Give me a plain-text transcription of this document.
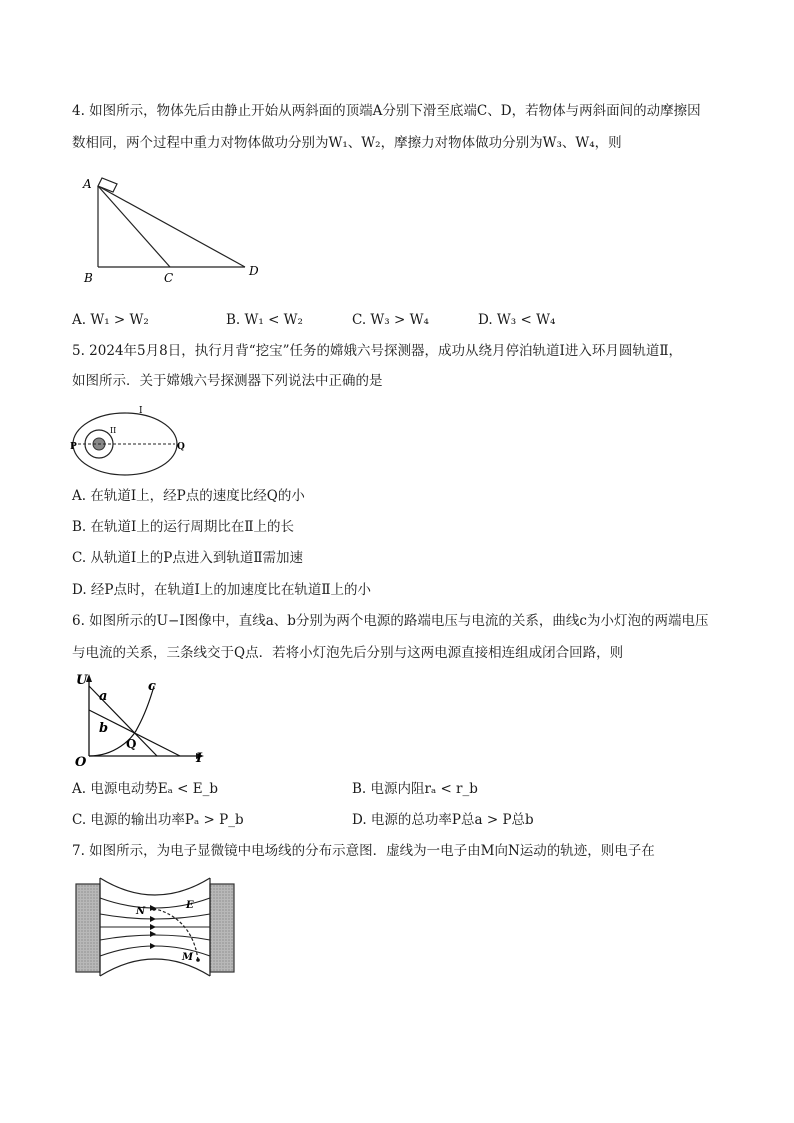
4. 如图所示，物体先后由静止开始从两斜面的顶端A分别下滑至底端C、D，若物体与两斜面间的动摩擦因
数相同，两个过程中重力对物体做功分别为W₁、W₂，摩擦力对物体做功分别为W₃、W₄，则
A
B	C	D
A. W₁ > W₂	B. W₁ < W₂	C. W₃ > W₄	D. W₃ < W₄
5. 2024年5月8日，执行月背“挖宝”任务的嫦娥六号探测器，成功从绕月停泊轨道Ⅰ进入环月圆轨道Ⅱ，
如图所示．关于嫦娥六号探测器下列说法中正确的是
I
II
P	Q
A. 在轨道Ⅰ上，经P点的速度比经Q的小
B. 在轨道Ⅰ上的运行周期比在Ⅱ上的长
C. 从轨道Ⅰ上的P点进入到轨道Ⅱ需加速
D. 经P点时，在轨道Ⅰ上的加速度比在轨道Ⅱ上的小
6. 如图所示的U−I图像中，直线a、b分别为两个电源的路端电压与电流的关系，曲线c为小灯泡的两端电压
与电流的关系，三条线交于Q点．若将小灯泡先后分别与这两电源直接相连组成闭合回路，则
U
I
O
a
b
c
Q
A. 电源电动势Eₐ < E_b	B. 电源内阻rₐ < r_b
C. 电源的输出功率Pₐ > P_b	D. 电源的总功率P总a > P总b
7. 如图所示，为电子显微镜中电场线的分布示意图．虚线为一电子由M向N运动的轨迹，则电子在
N
M
E
